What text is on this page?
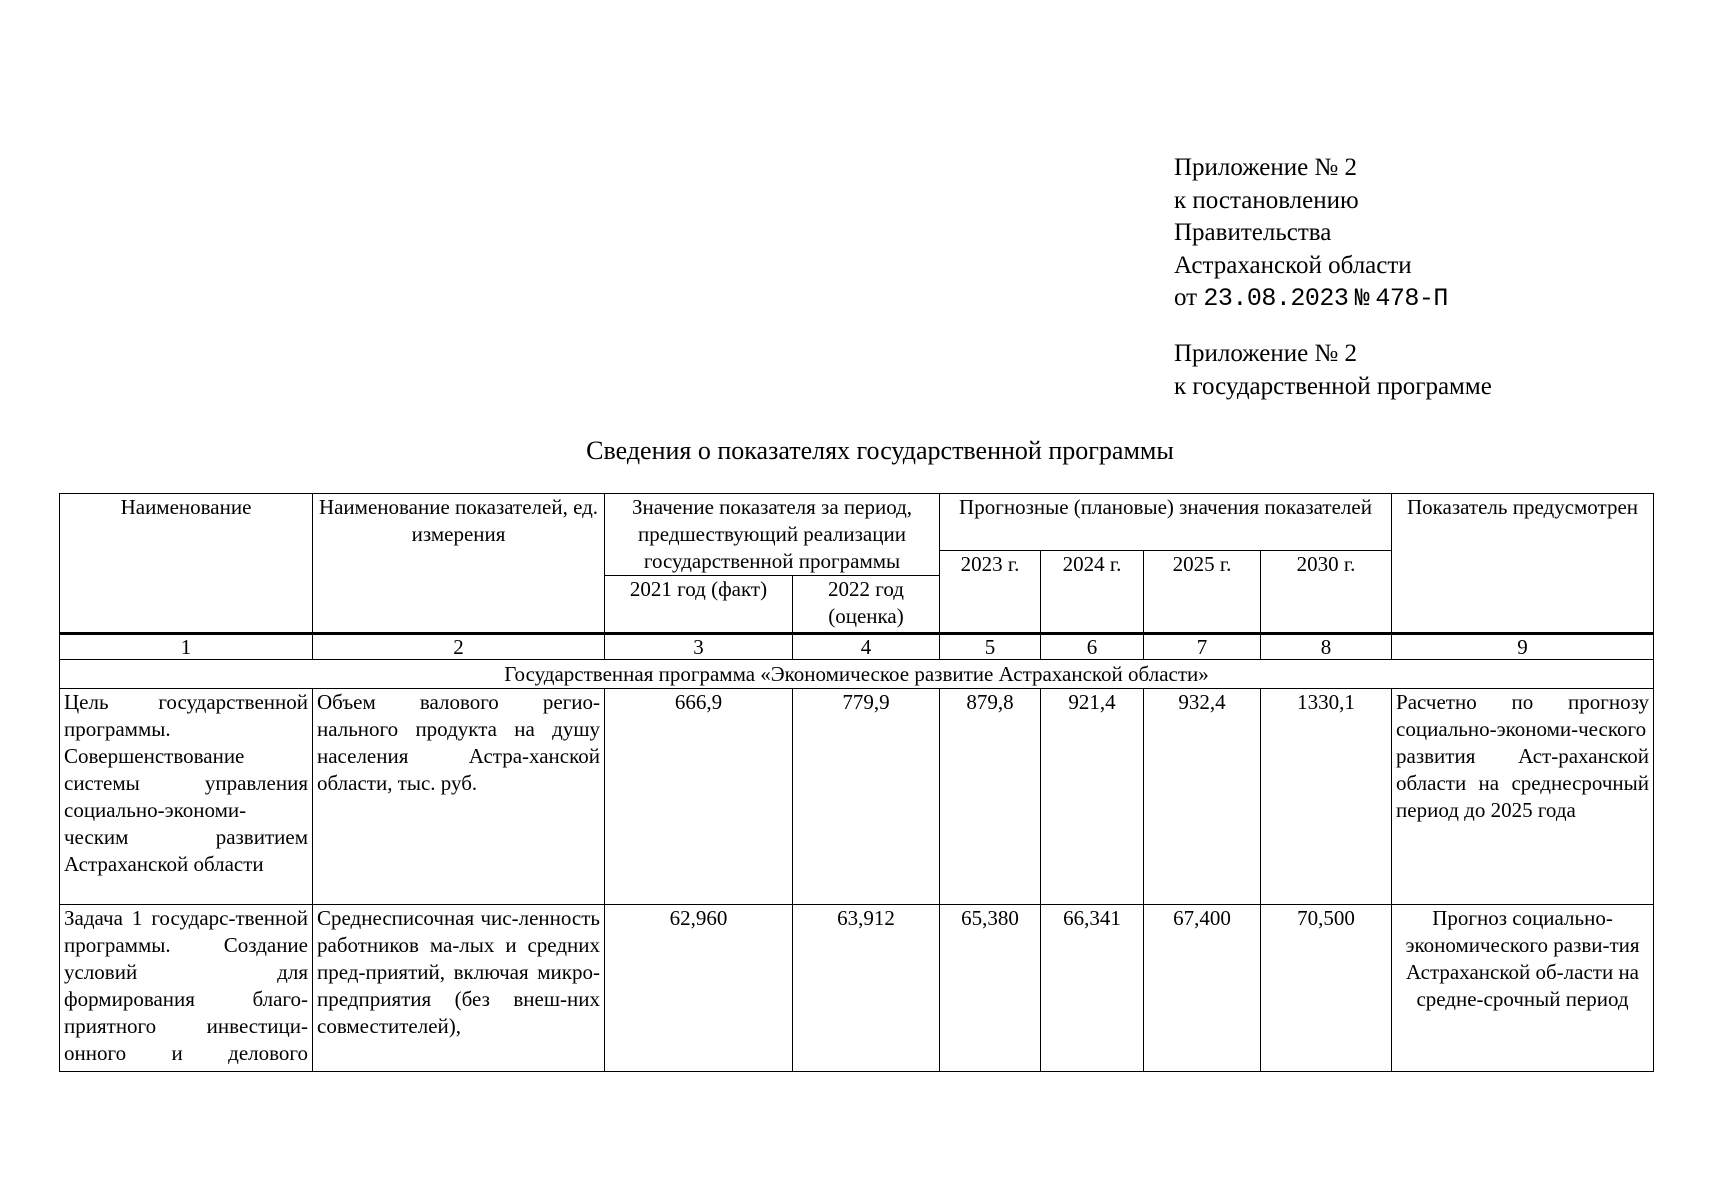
Приложение № 2
к постановлению
Правительства
Астраханской области
от 23.08.2023 № 478-П
Приложение № 2
к государственной программе
Сведения о показателях государственной программы
Наименование	Наименование показателей, ед. измерения	Значение показателя за период, предшествующий реализации государственной программы		Прогнозные (плановые) значения показателей				Показатель предусмотрен
				2023 г.	2024 г.	2025 г.	2030 г.	
		2021 год (факт)	2022 год (оценка)					
1	2	3	4	5	6	7	8	9
Государственная программа «Экономическое развитие Астраханской области»								
Цель государственной программы. Совершенствование системы управления социально-экономи-ческим развитием Астраханской области	Объем валового регио-нального продукта на душу населения Астра-ханской области, тыс. руб.	666,9	779,9	879,8	921,4	932,4	1330,1	Расчетно по прогнозу социально-экономи-ческого развития Аст-раханской области на среднесрочный период до 2025 года
Задача 1 государс-твенной программы. Создание условий для формирования благо-приятного инвестици-онного и делового	Среднесписочная чис-ленность работников ма-лых и средних пред-приятий, включая микро-предприятия (без внеш-них совместителей),	62,960	63,912	65,380	66,341	67,400	70,500	Прогноз социально-экономического разви-тия Астраханской об-ласти на средне-срочный период
